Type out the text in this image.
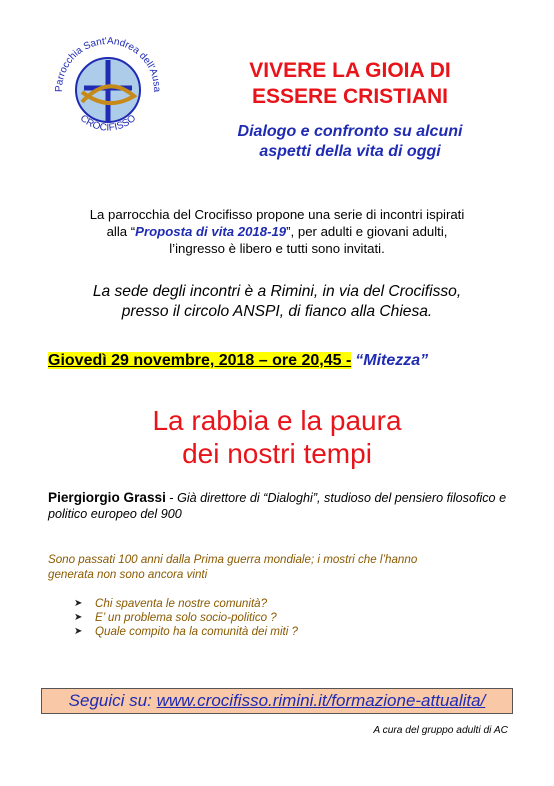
Parrocchia Sant'Andrea dell'Ausa
CROCIFISSO
VIVERE LA GIOIA DI
ESSERE CRISTIANI
Dialogo e confronto su alcuni
aspetti della vita di oggi
La parrocchia del Crocifisso propone una serie di incontri ispirati
alla “Proposta di vita 2018-19”, per adulti e giovani adulti,
l’ingresso è libero e tutti sono invitati.
La sede degli incontri è a Rimini, in via del Crocifisso,
presso il circolo ANSPI, di fianco alla Chiesa.
Giovedì 29 novembre, 2018 – ore 20,45 - “Mitezza”
La rabbia e la paura
dei nostri tempi
Piergiorgio Grassi - Già direttore di “Dialoghi”, studioso del pensiero filosofico e politico europeo del 900
Sono passati 100 anni dalla Prima guerra mondiale; i mostri che l’hanno
generata non sono ancora vinti
➤	Chi spaventa le nostre comunità?
➤	E’ un problema solo socio-politico ?
➤	Quale compito ha la comunità dei miti ?
Seguici su: www.crocifisso.rimini.it/formazione-attualita/
A cura del gruppo adulti di AC
